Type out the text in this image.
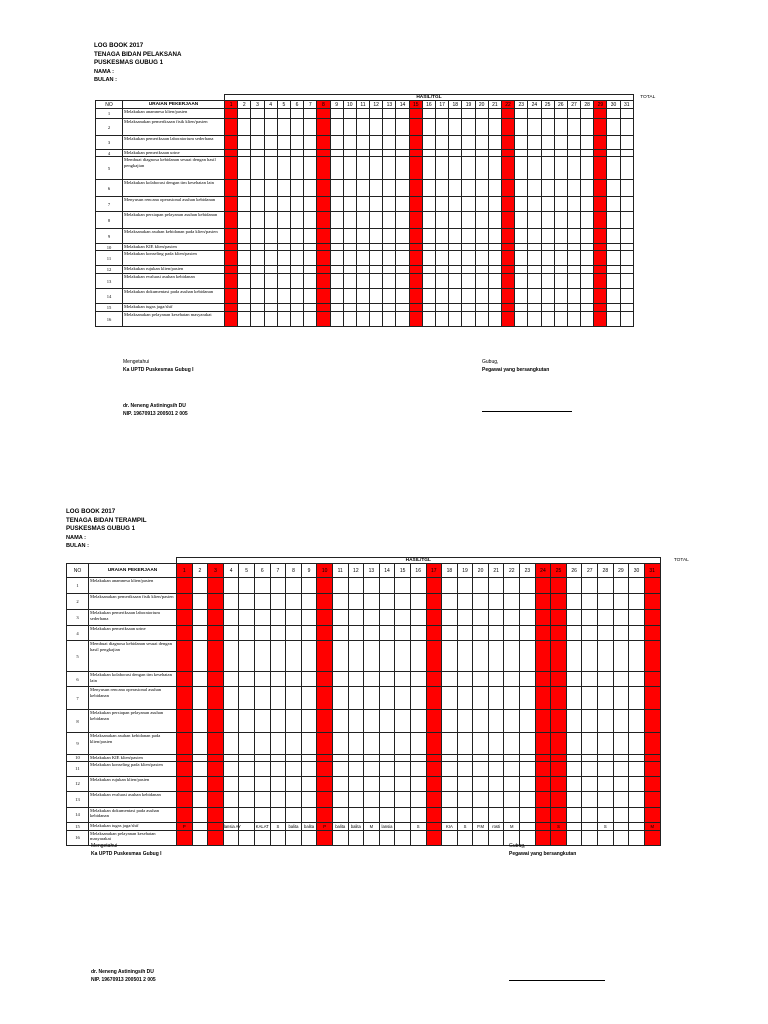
LOG BOOK 2017
TENAGA BIDAN PELAKSANA
PUSKESMAS GUBUG 1
NAMA :
BULAN :
		HASIL/TGL																															TOTAL
NO	URAIAN PEKERJAAN	1	2	3	4	5	6	7	8	9	10	11	12	13	14	15	16	17	18	19	20	21	22	23	24	25	26	27	28	29	30	31	
1	Melakukan anamnesa klien/pasien																																
2	Melaksanakan pemeriksaan fisik klien/pasien																																
3	Melakukan pemeriksaan laboratorium sederhana																																
4	Melakukan pemeriksaan urine																																
5	Membuat diagnosa kebidanan sesuai dengan hasil pengkajian																																
6	Melakukan kolaborasi dengan tim kesehatan lain																																
7	Menyusun rencana operasional asuhan kebidanan																																
8	Melakukan persiapan pelayanan asuhan kebidanan																																
9	Melaksanakan asuhan kebidanan pada klien/pasien																																
10	Melakukan KIE klien/pasien																																
11	Melakukan konseling pada klien/pasien																																
12	Melakukan rujukan klien/pasien																																
13	Melakukan evaluasi asuhan kebidanan																																
14	Melakukan dokumentasi pada asuhan kebidanan																																
15	Melakukan tugas jaga/shif																																
16	Melaksanakan pelayanan kesehatan masyarakat																																
Mengetahui
Ka UPTD Puskesmas Gubug I
Gubug,
Pegawai yang bersangkutan
dr. Neneng Astiningsih DU
NIP. 19670913 200501 2 005
LOG BOOK 2017
TENAGA BIDAN TERAMPIL
PUSKESMAS GUBUG 1
NAMA :
BULAN :
		HASIL/TGL																															TOTAL
NO	URAIAN PEKERJAAN	1	2	3	4	5	6	7	8	9	10	11	12	13	14	15	16	17	18	19	20	21	22	23	24	25	26	27	28	29	30	31	
1	Melakukan anamnesa klien/pasien																																
2	Melaksanakan pemeriksaan fisik klien/pasien																																
3	Melakukan pemeriksaan laboratorium sederhana																																
4	Melakukan pemeriksaan urine																																
5	Membuat diagnosa kebidanan sesuai dengan hasil pengkajian																																
6	Melakukan kolaborasi dengan tim kesehatan lain																																
7	Menyusun rencana operasional asuhan kebidanan																																
8	Melakukan persiapan pelayanan asuhan kebidanan																																
9	Melaksanakan asuhan kebidanan pada klien/pasien																																
10	Melakukan KIE klien/pasien																																
11	Melakukan konseling pada klien/pasien																																
12	Melakukan rujukan klien/pasien																																
13	Melakukan evaluasi asuhan kebidanan																																
14	Melakukan dokumentasi pada asuhan kebidanan																																
15	Melakukan tugas jaga/shif	P			lansia AY		KALAT	S	balita	balita	P	balita	balita	M	lansia		S		KIA	S	P.M	rosti	M			S			S			M	
16	Melaksanakan pelayanan kesehatan masyarakat																																
Mengetahui
Ka UPTD Puskesmas Gubug I
Gubug,
Pegawai yang bersangkutan
dr. Neneng Astiningsih DU
NIP. 19670913 200501 2 005
